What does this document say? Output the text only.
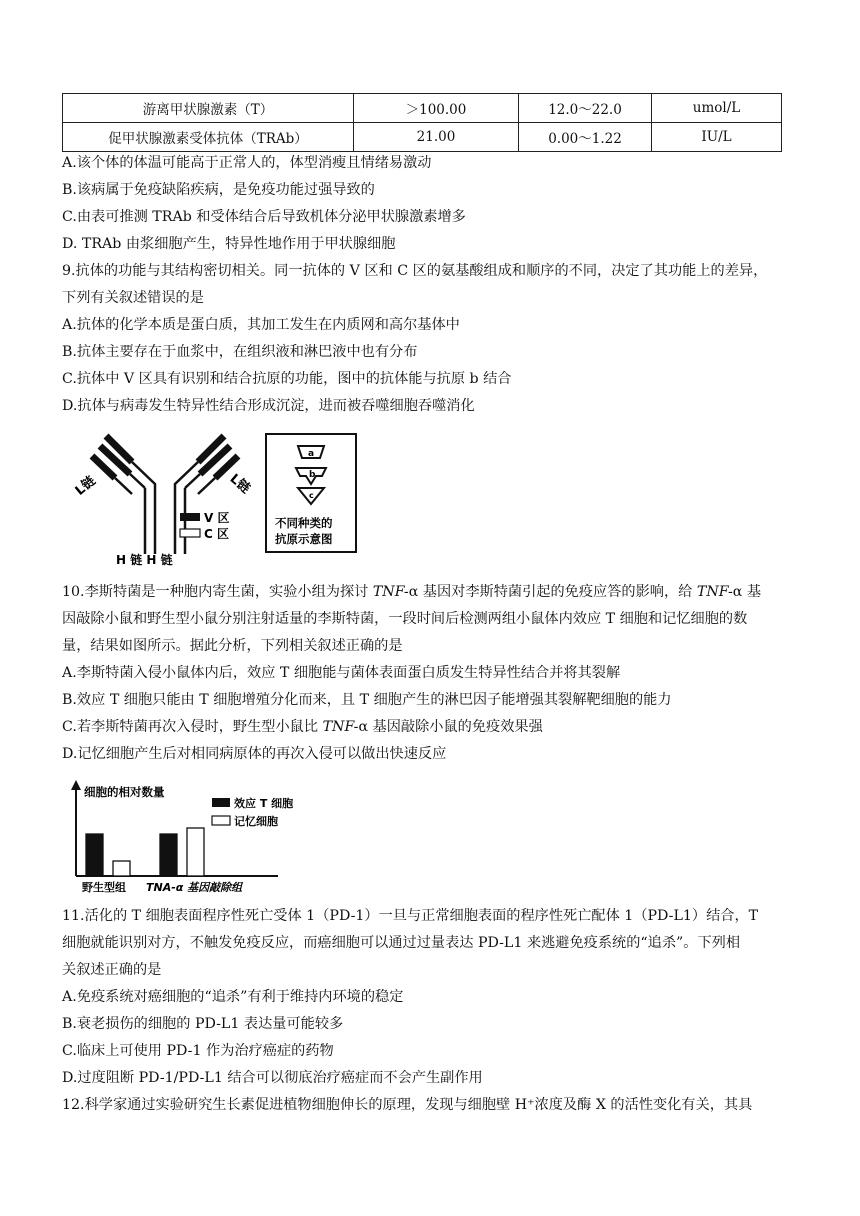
游离甲状腺激素（T）	＞100.00	12.0～22.0	umol/L
促甲状腺激素受体抗体（TRAb）	21.00	0.00～1.22	IU/L
A.该个体的体温可能高于正常人的，体型消瘦且情绪易激动
B.该病属于免疫缺陷疾病，是免疫功能过强导致的
C.由表可推测 TRAb 和受体结合后导致机体分泌甲状腺激素增多
D. TRAb 由浆细胞产生，特异性地作用于甲状腺细胞
9.抗体的功能与其结构密切相关。同一抗体的 V 区和 C 区的氨基酸组成和顺序的不同，决定了其功能上的差异，
下列有关叙述错误的是
A.抗体的化学本质是蛋白质，其加工发生在内质网和高尔基体中
B.抗体主要存在于血浆中，在组织液和淋巴液中也有分布
C.抗体中 V 区具有识别和结合抗原的功能，图中的抗体能与抗原 b 结合
D.抗体与病毒发生特异性结合形成沉淀，进而被吞噬细胞吞噬消化
L链	L链
V 区
C 区
H 链 H 链
a
b
c
不同种类的
抗原示意图
10.李斯特菌是一种胞内寄生菌，实验小组为探讨 TNF-α 基因对李斯特菌引起的免疫应答的影响，给 TNF-α 基
因敲除小鼠和野生型小鼠分别注射适量的李斯特菌，一段时间后检测两组小鼠体内效应 T 细胞和记忆细胞的数
量，结果如图所示。据此分析，下列相关叙述正确的是
A.李斯特菌入侵小鼠体内后，效应 T 细胞能与菌体表面蛋白质发生特异性结合并将其裂解
B.效应 T 细胞只能由 T 细胞增殖分化而来，且 T 细胞产生的淋巴因子能增强其裂解靶细胞的能力
C.若李斯特菌再次入侵时，野生型小鼠比 TNF-α 基因敲除小鼠的免疫效果强
D.记忆细胞产生后对相同病原体的再次入侵可以做出快速反应
细胞的相对数量
效应 T 细胞
记忆细胞
野生型组 TNA-α 基因敲除组
11.活化的 T 细胞表面程序性死亡受体 1（PD-1）一旦与正常细胞表面的程序性死亡配体 1（PD-L1）结合，T
细胞就能识别对方，不触发免疫反应，而癌细胞可以通过过量表达 PD-L1 来逃避免疫系统的“追杀”。下列相
关叙述正确的是
A.免疫系统对癌细胞的“追杀”有利于维持内环境的稳定
B.衰老损伤的细胞的 PD-L1 表达量可能较多
C.临床上可使用 PD-1 作为治疗癌症的药物
D.过度阻断 PD-1/PD-L1 结合可以彻底治疗癌症而不会产生副作用
12.科学家通过实验研究生长素促进植物细胞伸长的原理，发现与细胞壁 H⁺浓度及酶 X 的活性变化有关，其具
